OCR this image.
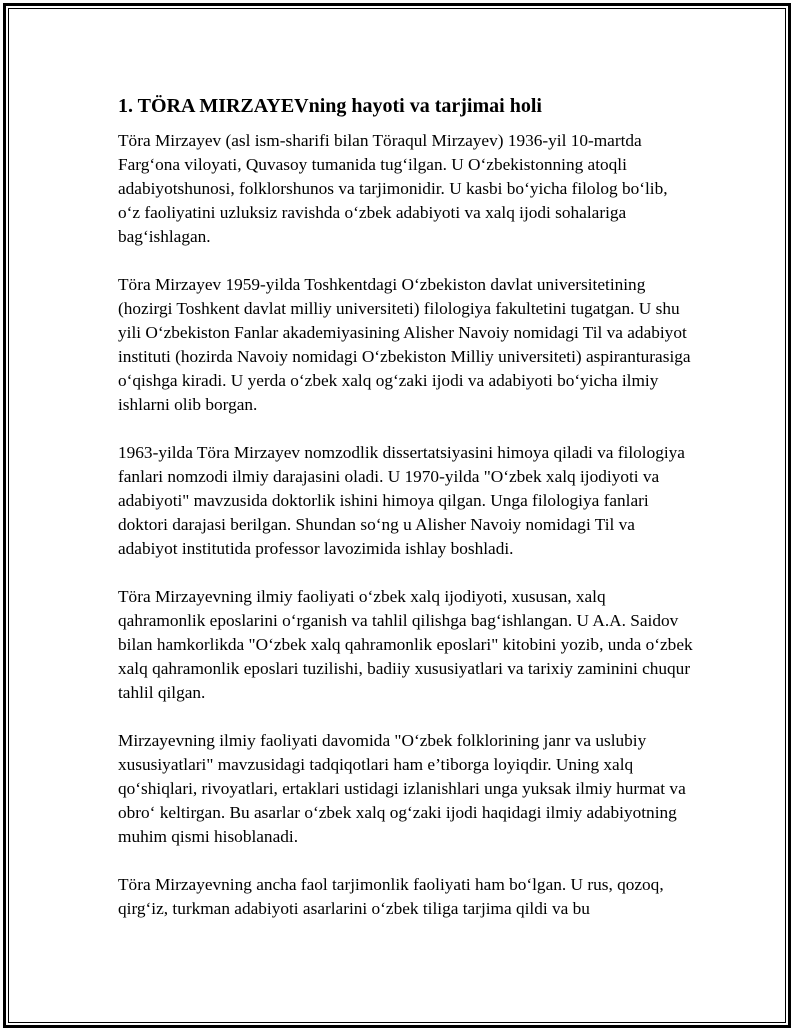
1. TÖRA MIRZAYEVning hayoti va tarjimai holi

Töra Mirzayev (asl ism-sharifi bilan Töraqul Mirzayev) 1936-yil 10-martda Farg‘ona viloyati, Quvasoy tumanida tug‘ilgan. U O‘zbekistonning atoqli adabiyotshunosi, folklorshunos va tarjimonidir. U kasbi bo‘yicha filolog bo‘lib, o‘z faoliyatini uzluksiz ravishda o‘zbek adabiyoti va xalq ijodi sohalariga bag‘ishlagan.

Töra Mirzayev 1959-yilda Toshkentdagi O‘zbekiston davlat universitetining (hozirgi Toshkent davlat milliy universiteti) filologiya fakultetini tugatgan. U shu yili O‘zbekiston Fanlar akademiyasining Alisher Navoiy nomidagi Til va adabiyot instituti (hozirda Navoiy nomidagi O‘zbekiston Milliy universiteti) aspiranturasiga o‘qishga kiradi. U yerda o‘zbek xalq og‘zaki ijodi va adabiyoti bo‘yicha ilmiy ishlarni olib borgan.

1963-yilda Töra Mirzayev nomzodlik dissertatsiyasini himoya qiladi va filologiya fanlari nomzodi ilmiy darajasini oladi. U 1970-yilda "O‘zbek xalq ijodiyoti va adabiyoti" mavzusida doktorlik ishini himoya qilgan. Unga filologiya fanlari doktori darajasi berilgan. Shundan so‘ng u Alisher Navoiy nomidagi Til va adabiyot institutida professor lavozimida ishlay boshladi.

Töra Mirzayevning ilmiy faoliyati o‘zbek xalq ijodiyoti, xususan, xalq qahramonlik eposlarini o‘rganish va tahlil qilishga bag‘ishlangan. U A.A. Saidov bilan hamkorlikda "O‘zbek xalq qahramonlik eposlari" kitobini yozib, unda o‘zbek xalq qahramonlik eposlari tuzilishi, badiiy xususiyatlari va tarixiy zaminini chuqur tahlil qilgan.

Mirzayevning ilmiy faoliyati davomida "O‘zbek folklorining janr va uslubiy xususiyatlari" mavzusidagi tadqiqotlari ham e’tiborga loyiqdir. Uning xalq qo‘shiqlari, rivoyatlari, ertaklari ustidagi izlanishlari unga yuksak ilmiy hurmat va obro‘ keltirgan. Bu asarlar o‘zbek xalq og‘zaki ijodi haqidagi ilmiy adabiyotning muhim qismi hisoblanadi.

Töra Mirzayevning ancha faol tarjimonlik faoliyati ham bo‘lgan. U rus, qozoq, qirg‘iz, turkman adabiyoti asarlarini o‘zbek tiliga tarjima qildi va bu
